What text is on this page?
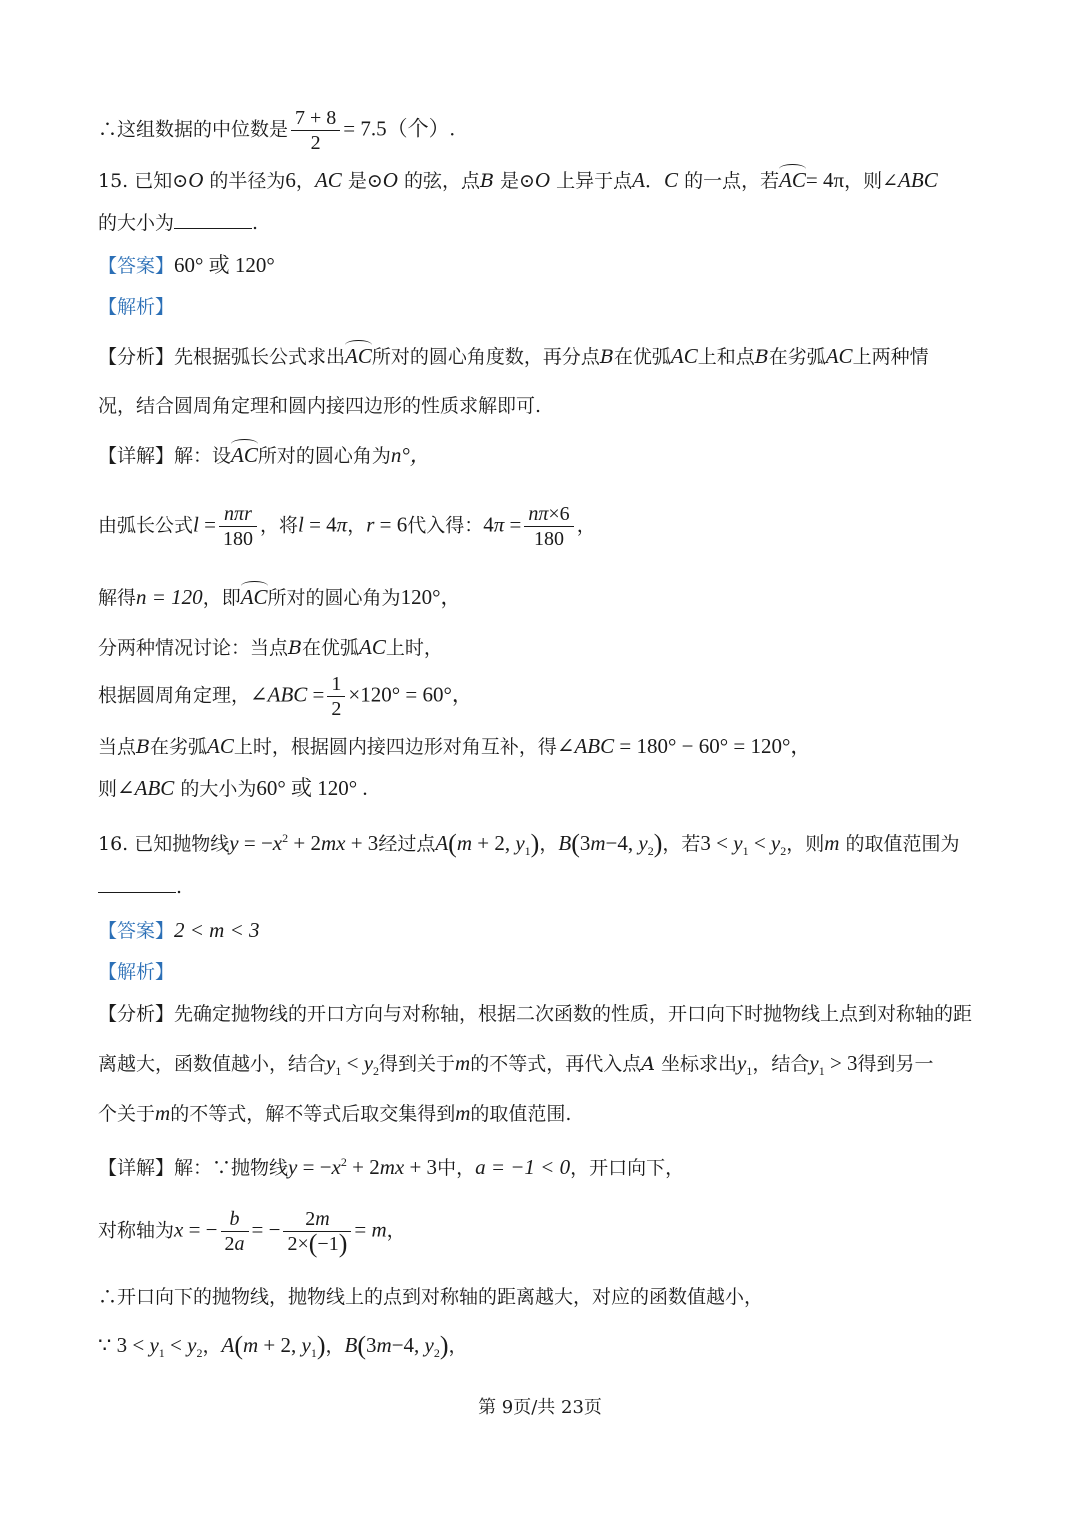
∴这组数据的中位数是 $\frac{7 + 8}{2} = 7.5$（个）.
15. 已知⊙O 的半径为6，AC 是⊙O 的弦，点B 是⊙O 上异于点A．C 的一点，若AC= 4π，则∠ABC
的大小为	.
【答案】60° 或 120°
【解析】
【分析】先根据弧长公式求出AC所对的圆心角度数，再分点B在优弧AC上和点B在劣弧AC上两种情
况，结合圆周角定理和圆内接四边形的性质求解即可.
【详解】解：设AC所对的圆心角为n°，
由弧长公式$l = \frac{\text{nπr}}{180}$ ，将l = 4π，r = 6代入得：$4\pi = \frac{n\pi\times 6}{180}$ ，
解得n = 120，即AC所对的圆心角为120°，
分两种情况讨论：当点B在优弧AC上时，
根据圆周角定理，∠ABC = $\frac{1}{2} \times 120^\circ = 60^\circ$，
当点B在劣弧AC上时，根据圆内接四边形对角互补，得∠ABC = 180° − 60° = 120°，
则∠ABC 的大小为60° 或 120° .
16. 已知抛物线$y = -x^2 + 2mx + 3$经过点A(m + 2, $y_1$)，B(3m−4, $y_2$)，若$3 < y_1 < y_2$，则m 的取值范围为
.
【答案】2 < m < 3
【解析】
【分析】先确定抛物线的开口方向与对称轴，根据二次函数的性质，开口向下时抛物线上点到对称轴的距
离越大，函数值越小，结合$y_1 < y_2$得到关于m的不等式，再代入点A 坐标求出$y_1$，结合$y_1 > 3$得到另一
个关于m的不等式，解不等式后取交集得到m的取值范围.
【详解】解：∵抛物线$y = -x^2 + 2mx + 3$中，a = −1 < 0，开口向下，
对称轴为x = − $\frac{b}{2a}$ = − $\frac{2m}{2\times(-1)} = m$，
∴开口向下的抛物线，抛物线上的点到对称轴的距离越大，对应的函数值越小，
∵ $3 < y_1 < y_2$，A(m + 2, $y_1$)，B(3m−4, $y_2$)，
第 9页/共 23页
